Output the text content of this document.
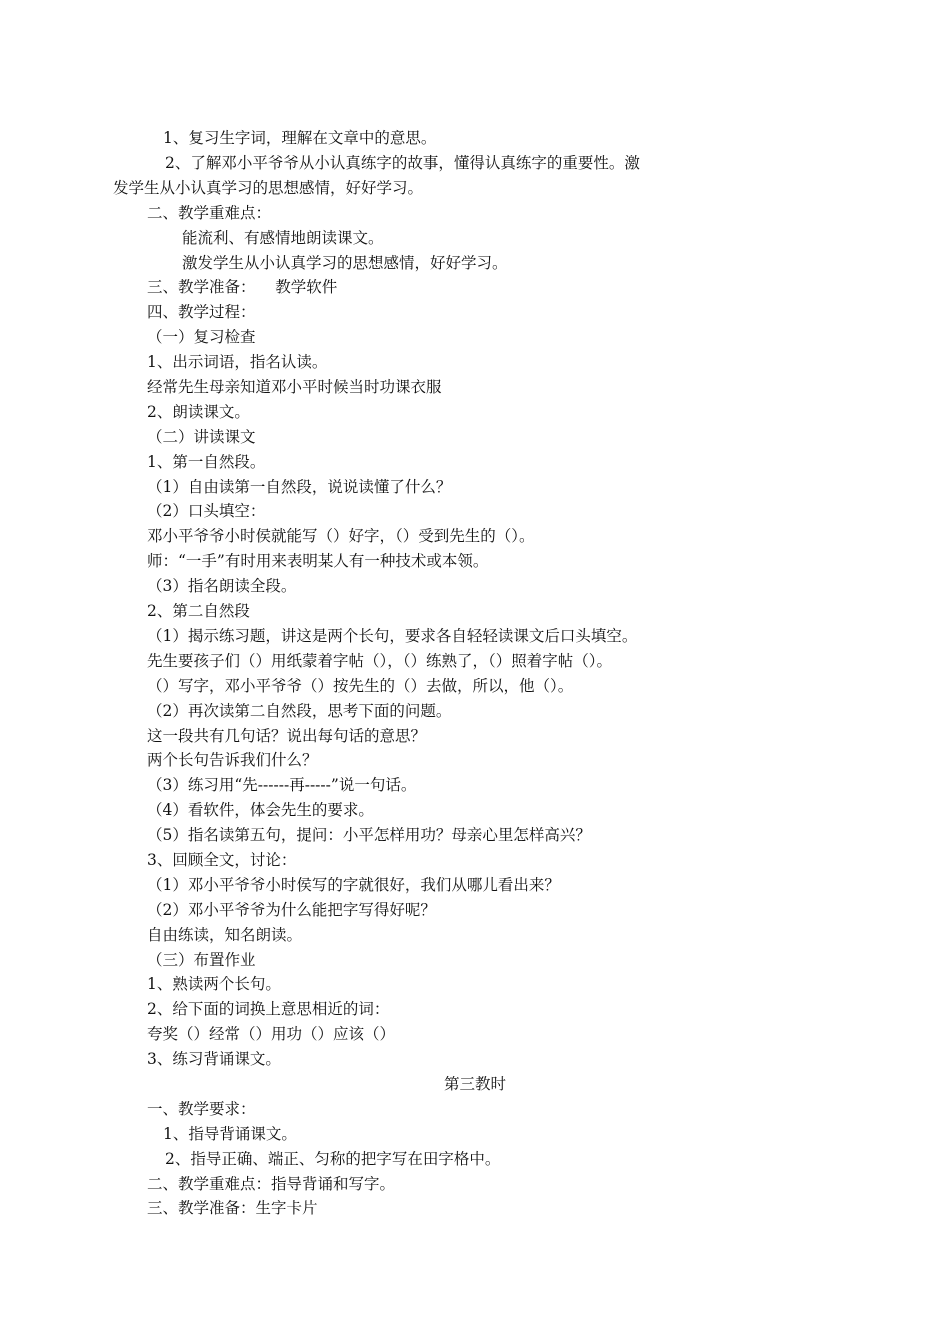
1、复习生字词，理解在文章中的意思。
2、了解邓小平爷爷从小认真练字的故事，懂得认真练字的重要性。激
发学生从小认真学习的思想感情，好好学习。
二、教学重难点：
能流利、有感情地朗读课文。
激发学生从小认真学习的思想感情，好好学习。
三、教学准备：    教学软件
四、教学过程：
（一）复习检查
1、出示词语，指名认读。
经常先生母亲知道邓小平时候当时功课衣服
2、朗读课文。
（二）讲读课文
1、第一自然段。
（1）自由读第一自然段，说说读懂了什么？
（2）口头填空：
邓小平爷爷小时侯就能写（）好字，（）受到先生的（）。
师：“一手”有时用来表明某人有一种技术或本领。
（3）指名朗读全段。
2、第二自然段
（1）揭示练习题，讲这是两个长句，要求各自轻轻读课文后口头填空。
先生要孩子们（）用纸蒙着字帖（），（）练熟了，（）照着字帖（）。
（）写字，邓小平爷爷（）按先生的（）去做，所以，他（）。
（2）再次读第二自然段，思考下面的问题。
这一段共有几句话？说出每句话的意思？
两个长句告诉我们什么？
（3）练习用“先------再-----”说一句话。
（4）看软件，体会先生的要求。
（5）指名读第五句，提问：小平怎样用功？母亲心里怎样高兴？
3、回顾全文，讨论：
（1）邓小平爷爷小时侯写的字就很好，我们从哪儿看出来？
（2）邓小平爷爷为什么能把字写得好呢？
自由练读，知名朗读。
（三）布置作业
1、熟读两个长句。
2、给下面的词换上意思相近的词：
夸奖（）经常（）用功（）应该（）
3、练习背诵课文。
第三教时
一、教学要求：
1、指导背诵课文。
2、指导正确、端正、匀称的把字写在田字格中。
二、教学重难点：指导背诵和写字。
三、教学准备：生字卡片
